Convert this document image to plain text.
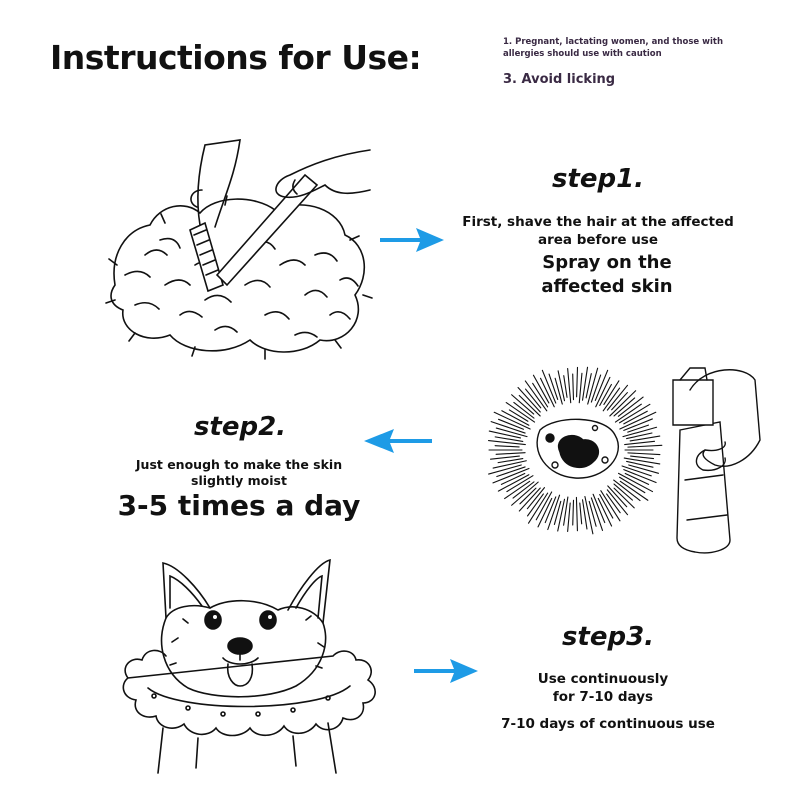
Instructions for Use:	1. Pregnant, lactating women, and those with allergies should use with caution
3. Avoid licking
step1.
First, shave the hair at the affected area before use
Spray on the affected skin
step2.
Just enough to make the skin slightly moist
3-5 times a day
step3.
Use continuously for 7-10 days
7-10 days of continuous use
